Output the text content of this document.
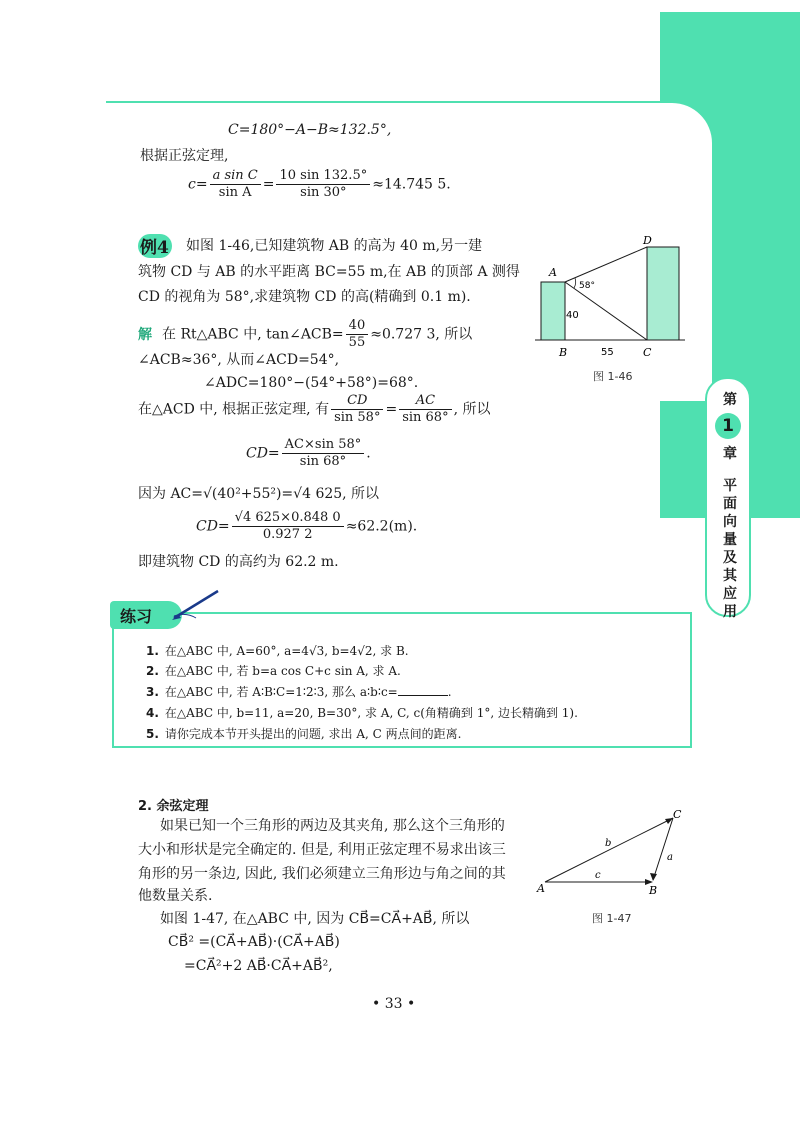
第
1
章
平
面
向
量
及
其
应
用
C=180°−A−B≈132.5°,
根据正弦定理,
$c= \frac{\text{a sin C}}{\text{sin A}} = \frac{10 \sin 132.5^\circ}{\sin 30^\circ} \approx 14.745$ 5.
例4 如图 1-46,已知建筑物 AB 的高为 40 m,另一建
筑物 CD 与 AB 的水平距离 BC=55 m,在 AB 的顶部 A 测得
CD 的视角为 58°,求建筑物 CD 的高(精确到 0.1 m).
解 在 Rt△ABC 中, tan∠ACB= $\frac{40}{55} \approx 0.727$ 3, 所以
∠ACB≈36°, 从而∠ACD=54°,
∠ADC=180°−(54°+58°)=68°.
在△ACD 中, 根据正弦定理, 有 $\frac{CD}{\sin 58^\circ} = \frac{AC}{\sin 68^\circ}$ , 所以
$CD= \frac{AC\times\sin 58^\circ}{\sin 68^\circ}$ .
因为 AC=√(40²+55²)=√4 625, 所以
$CD= \frac{√4 625\times 0.848 0}{0.927 2} \approx 62.2(m)$.
即建筑物 CD 的高约为 62.2 m.
A
B	C
D
58°
40
55
图 1-46
练习
1. 在△ABC 中, A=60°, a=4√3, b=4√2, 求 B.
2. 在△ABC 中, 若 b=a cos C+c sin A, 求 A.
3. 在△ABC 中, 若 A∶B∶C=1∶2∶3, 那么 a∶b∶c=	.
4. 在△ABC 中, b=11, a=20, B=30°, 求 A, C, c(角精确到 1°, 边长精确到 1).
5. 请你完成本节开头提出的问题, 求出 A, C 两点间的距离.
2. 余弦定理
如果已知一个三角形的两边及其夹角, 那么这个三角形的
大小和形状是完全确定的. 但是, 利用正弦定理不易求出该三
角形的另一条边, 因此, 我们必须建立三角形边与角之间的其
他数量关系.
如图 1-47, 在△ABC 中, 因为 CB⃗=CA⃗+AB⃗, 所以
CB⃗² =(CA⃗+AB⃗)·(CA⃗+AB⃗)
=CA⃗²+2 AB⃗·CA⃗+AB⃗²,
A	B
C
a
b
c
图 1-47
• 33 •
